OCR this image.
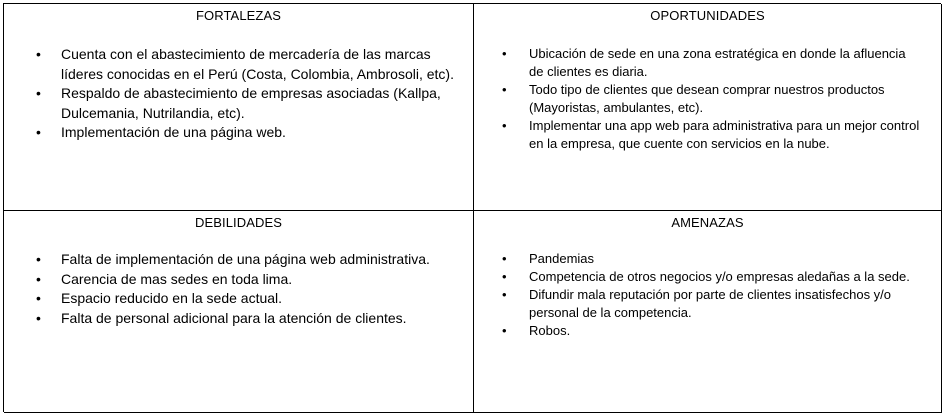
FORTALEZAS
• Cuenta con el abastecimiento de mercadería de las marcas líderes conocidas en el Perú (Costa, Colombia, Ambrosoli, etc).
• Respaldo de abastecimiento de empresas asociadas (Kallpa, Dulcemania, Nutrilandia, etc).
• Implementación de una página web.
OPORTUNIDADES
• Ubicación de sede en una zona estratégica en donde la afluencia de clientes es diaria.
• Todo tipo de clientes que desean comprar nuestros productos (Mayoristas, ambulantes, etc).
• Implementar una app web para administrativa para un mejor control en la empresa, que cuente con servicios en la nube.
DEBILIDADES
• Falta de implementación de una página web administrativa.
• Carencia de mas sedes en toda lima.
• Espacio reducido en la sede actual.
• Falta de personal adicional para la atención de clientes.
AMENAZAS
• Pandemias
• Competencia de otros negocios y/o empresas aledañas a la sede.
• Difundir mala reputación por parte de clientes insatisfechos y/o personal de la competencia.
• Robos.
